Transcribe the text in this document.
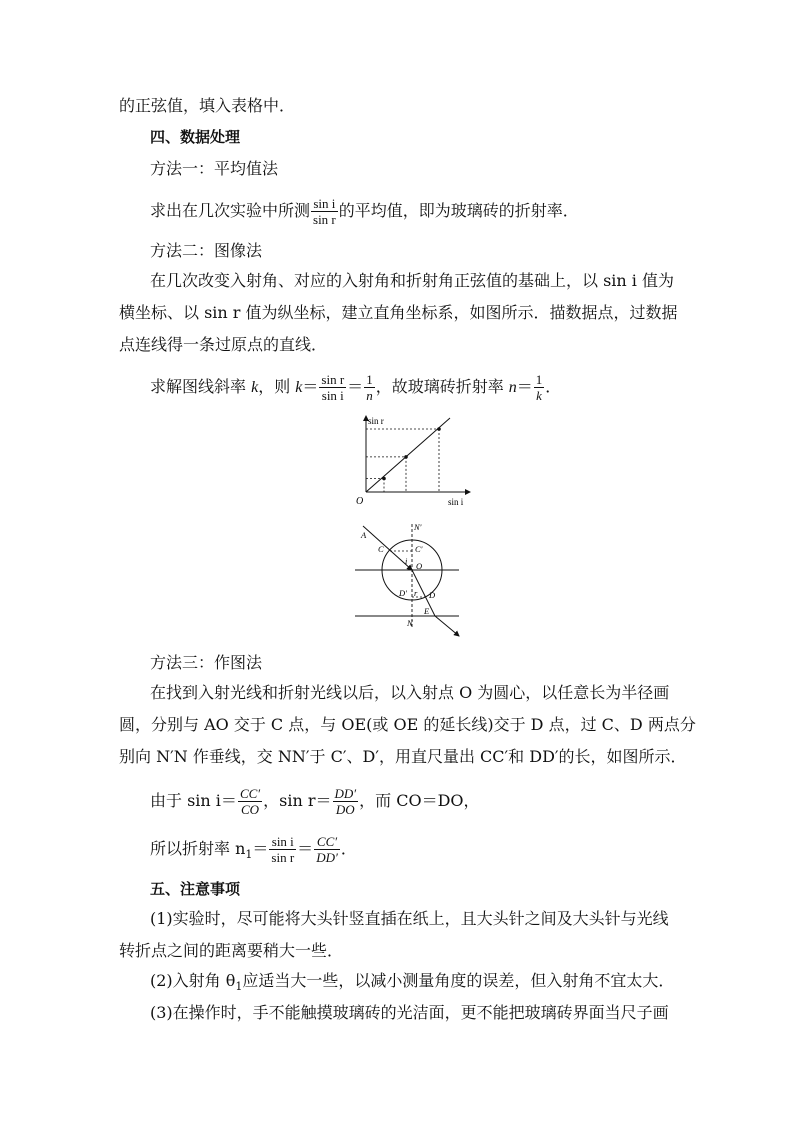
的正弦值，填入表格中．
四、数据处理
方法一：平均值法
求出在几次实验中所测 $\frac{\text{sin i}}{\text{sin r}}$ 的平均值，即为玻璃砖的折射率．
方法二：图像法
在几次改变入射角、对应的入射角和折射角正弦值的基础上，以 sin i 值为
横坐标、以 sin r 值为纵坐标，建立直角坐标系，如图所示．描数据点，过数据
点连线得一条过原点的直线．
求解图线斜率 k，则 $k= \frac{\text{sin r}}{\text{sin i}} = \frac{1}{n}$ ，故玻璃砖折射率 $n= \frac{1}{k}$ ．
sin r
sin i
O
A
C
N'
C'
i O
D' r D
E
N
方法三：作图法
在找到入射光线和折射光线以后，以入射点 O 为圆心，以任意长为半径画
圆，分别与 AO 交于 C 点，与 OE(或 OE 的延长线)交于 D 点，过 C、D 两点分
别向 N′N 作垂线，交 NN′于 C′、D′，用直尺量出 CC′和 DD′的长，如图所示．
由于 $\sin i= \frac{CC'}{CO}$ ，$\sin r= \frac{DD'}{DO}$ ，而 CO＝DO，
所以折射率 $n_1= \frac{\text{sin i}}{\text{sin r}} = \frac{CC'}{DD'}$ ．
五、注意事项
(1)实验时，尽可能将大头针竖直插在纸上，且大头针之间及大头针与光线
转折点之间的距离要稍大一些．
(2)入射角 $\theta_1$应适当大一些，以减小测量角度的误差，但入射角不宜太大．
(3)在操作时，手不能触摸玻璃砖的光洁面，更不能把玻璃砖界面当尺子画
